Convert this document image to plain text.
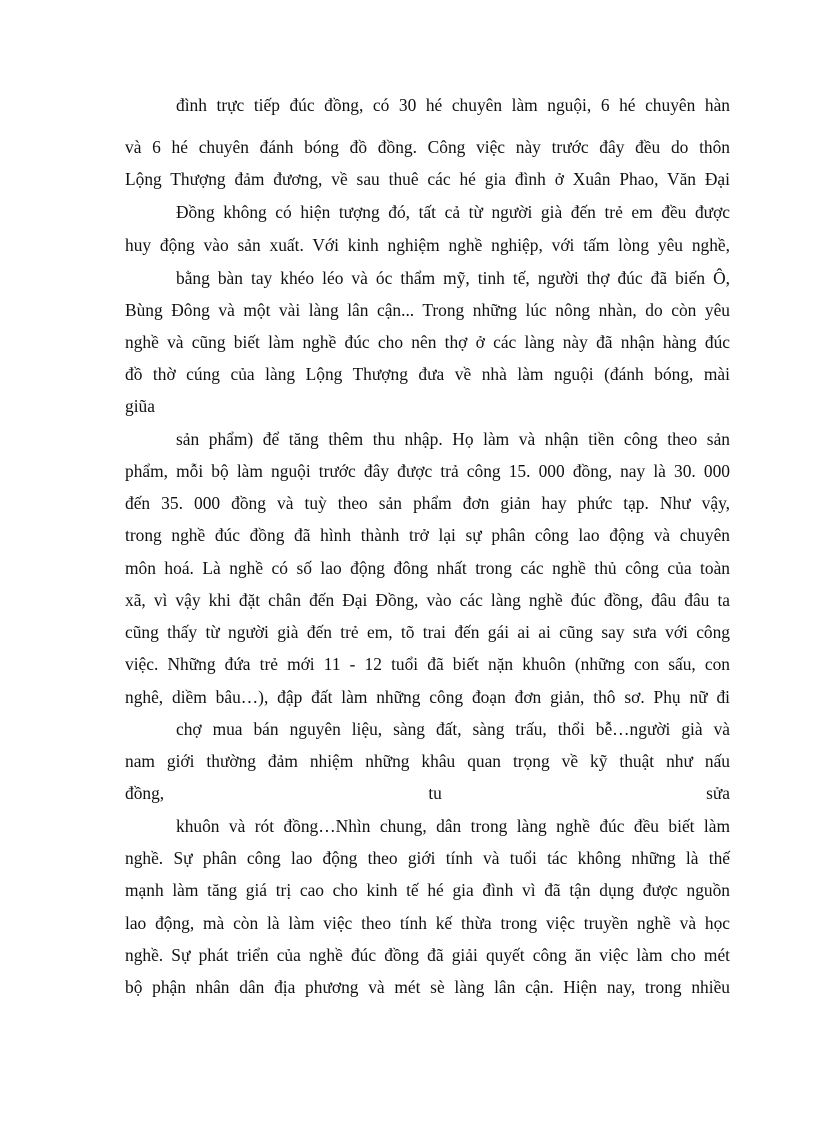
đình trực tiếp đúc đồng, có 30 hé chuyên làm nguội, 6 hé chuyên hàn
và 6 hé chuyên đánh bóng đồ đồng. Công việc này trước đây đều do thôn
Lộng Thượng đảm đương, về sau thuê các hé gia đình ở Xuân Phao, Văn Đại
Đồng không có hiện tượng đó, tất cả từ người già đến trẻ em đều được
huy động vào sản xuất. Với kinh nghiệm nghề nghiệp, với tấm lòng yêu nghề,
bằng bàn tay khéo léo và óc thẩm mỹ, tinh tế, người thợ đúc đã biến Ô,
Bùng Đông và một vài làng lân cận... Trong những lúc nông nhàn, do còn yêu
nghề và cũng biết làm nghề đúc cho nên thợ ở các làng này đã nhận hàng đúc
đồ thờ cúng của làng Lộng Thượng đưa về nhà làm nguội (đánh bóng, mài
giũa
sản phẩm) để tăng thêm thu nhập. Họ làm và nhận tiền công theo sản
phẩm, mỗi bộ làm nguội trước đây được trả công 15. 000 đồng, nay là 30. 000
đến 35. 000 đồng và tuỳ theo sản phẩm đơn giản hay phức tạp. Như vậy,
trong nghề đúc đồng đã hình thành trở lại sự phân công lao động và chuyên
môn hoá. Là nghề có số lao động đông nhất trong các nghề thủ công của toàn
xã, vì vậy khi đặt chân đến Đại Đồng, vào các làng nghề đúc đồng, đâu đâu ta
cũng thấy từ người già đến trẻ em, tõ trai đến gái ai ai cũng say sưa với công
việc. Những đứa trẻ mới 11 - 12 tuổi đã biết nặn khuôn (những con sấu, con
nghê, diềm bâu…), đập đất làm những công đoạn đơn giản, thô sơ. Phụ nữ đi
chợ mua bán nguyên liệu, sàng đất, sàng trấu, thổi bễ…người già và
nam giới thường đảm nhiệm những khâu quan trọng về kỹ thuật như nấu
đồng, tu sửa
khuôn và rót đồng…Nhìn chung, dân trong làng nghề đúc đều biết làm
nghề. Sự phân công lao động theo giới tính và tuổi tác không những là thế
mạnh làm tăng giá trị cao cho kinh tế hé gia đình vì đã tận dụng được nguồn
lao động, mà còn là làm việc theo tính kế thừa trong việc truyền nghề và học
nghề. Sự phát triển của nghề đúc đồng đã giải quyết công ăn việc làm cho mét
bộ phận nhân dân địa phương và mét sè làng lân cận. Hiện nay, trong nhiều
